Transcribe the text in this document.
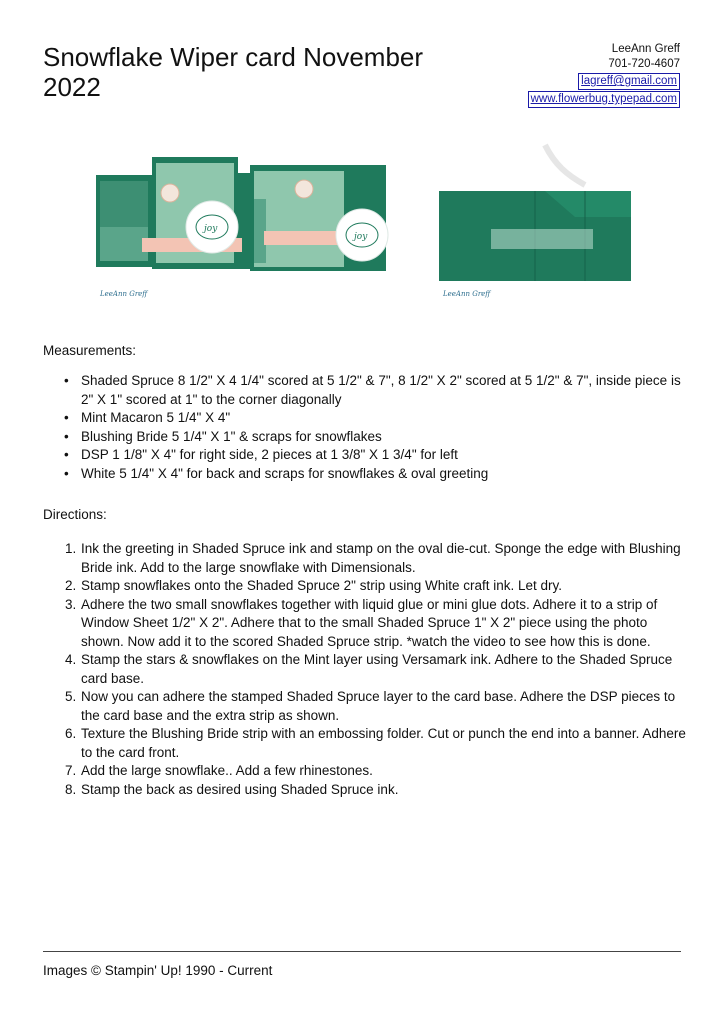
Snowflake Wiper card November 2022
LeeAnn Greff
701-720-4607
lagreff@gmail.com
www.flowerbug.typepad.com
joy
joy
LeeAnn Greff	LeeAnn Greff
Measurements:
• Shaded Spruce 8 1/2" X 4 1/4" scored at 5 1/2" & 7", 8 1/2" X 2" scored at 5 1/2" & 7", inside piece is 2" X 1" scored at 1" to the corner diagonally
• Mint Macaron 5 1/4" X 4"
• Blushing Bride 5 1/4" X 1" & scraps for snowflakes
• DSP 1 1/8" X 4" for right side, 2 pieces at 1 3/8" X 1 3/4" for left
• White 5 1/4" X 4" for back and scraps for snowflakes & oval greeting
Directions:
1. Ink the greeting in Shaded Spruce ink and stamp on the oval die-cut. Sponge the edge with Blushing Bride ink. Add to the large snowflake with Dimensionals.
2. Stamp snowflakes onto the Shaded Spruce 2" strip using White craft ink. Let dry.
3. Adhere the two small snowflakes together with liquid glue or mini glue dots. Adhere it to a strip of Window Sheet 1/2" X 2". Adhere that to the small Shaded Spruce 1" X 2" piece using the photo shown. Now add it to the scored Shaded Spruce strip. *watch the video to see how this is done.
4. Stamp the stars & snowflakes on the Mint layer using Versamark ink. Adhere to the Shaded Spruce card base.
5. Now you can adhere the stamped Shaded Spruce layer to the card base. Adhere the DSP pieces to the card base and the extra strip as shown.
6. Texture the Blushing Bride strip with an embossing folder. Cut or punch the end into a banner. Adhere to the card front.
7. Add the large snowflake.. Add a few rhinestones.
8. Stamp the back as desired using Shaded Spruce ink.
Images © Stampin' Up! 1990 - Current
